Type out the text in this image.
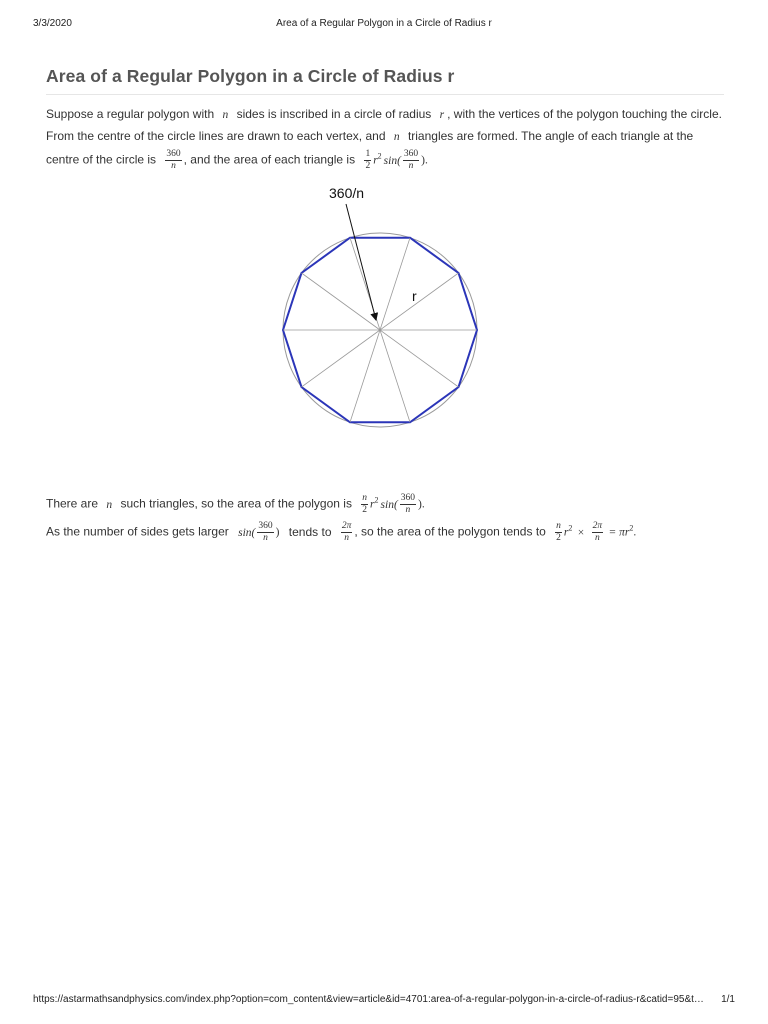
3/3/2020	Area of a Regular Polygon in a Circle of Radius r
Area of a Regular Polygon in a Circle of Radius r
Suppose a regular polygon with n sides is inscribed in a circle of radius r , with the vertices of the polygon touching the circle.
From the centre of the circle lines are drawn to each vertex, and n triangles are formed. The angle of each triangle at the
centre of the circle is $\frac{360}{n}$ , and the area of each triangle is $\frac{1}{2} r^2$ $\sin( \frac{360}{n}$ ).
360/n
r
There are n such triangles, so the area of the polygon is $\frac{n}{2} r^2$ $\sin( \frac{360}{n}$ ).
As the number of sides gets larger $\sin( \frac{360}{n}$ ) tends to $\frac{2\pi}{n}$ , so the area of the polygon tends to $\frac{n}{2} r^2 \times \frac{2\pi}{n} = \pi r^2$.
https://astarmathsandphysics.com/index.php?option=com_content&view=article&id=4701:area-of-a-regular-polygon-in-a-circle-of-radius-r&catid=95&t… 1/1
